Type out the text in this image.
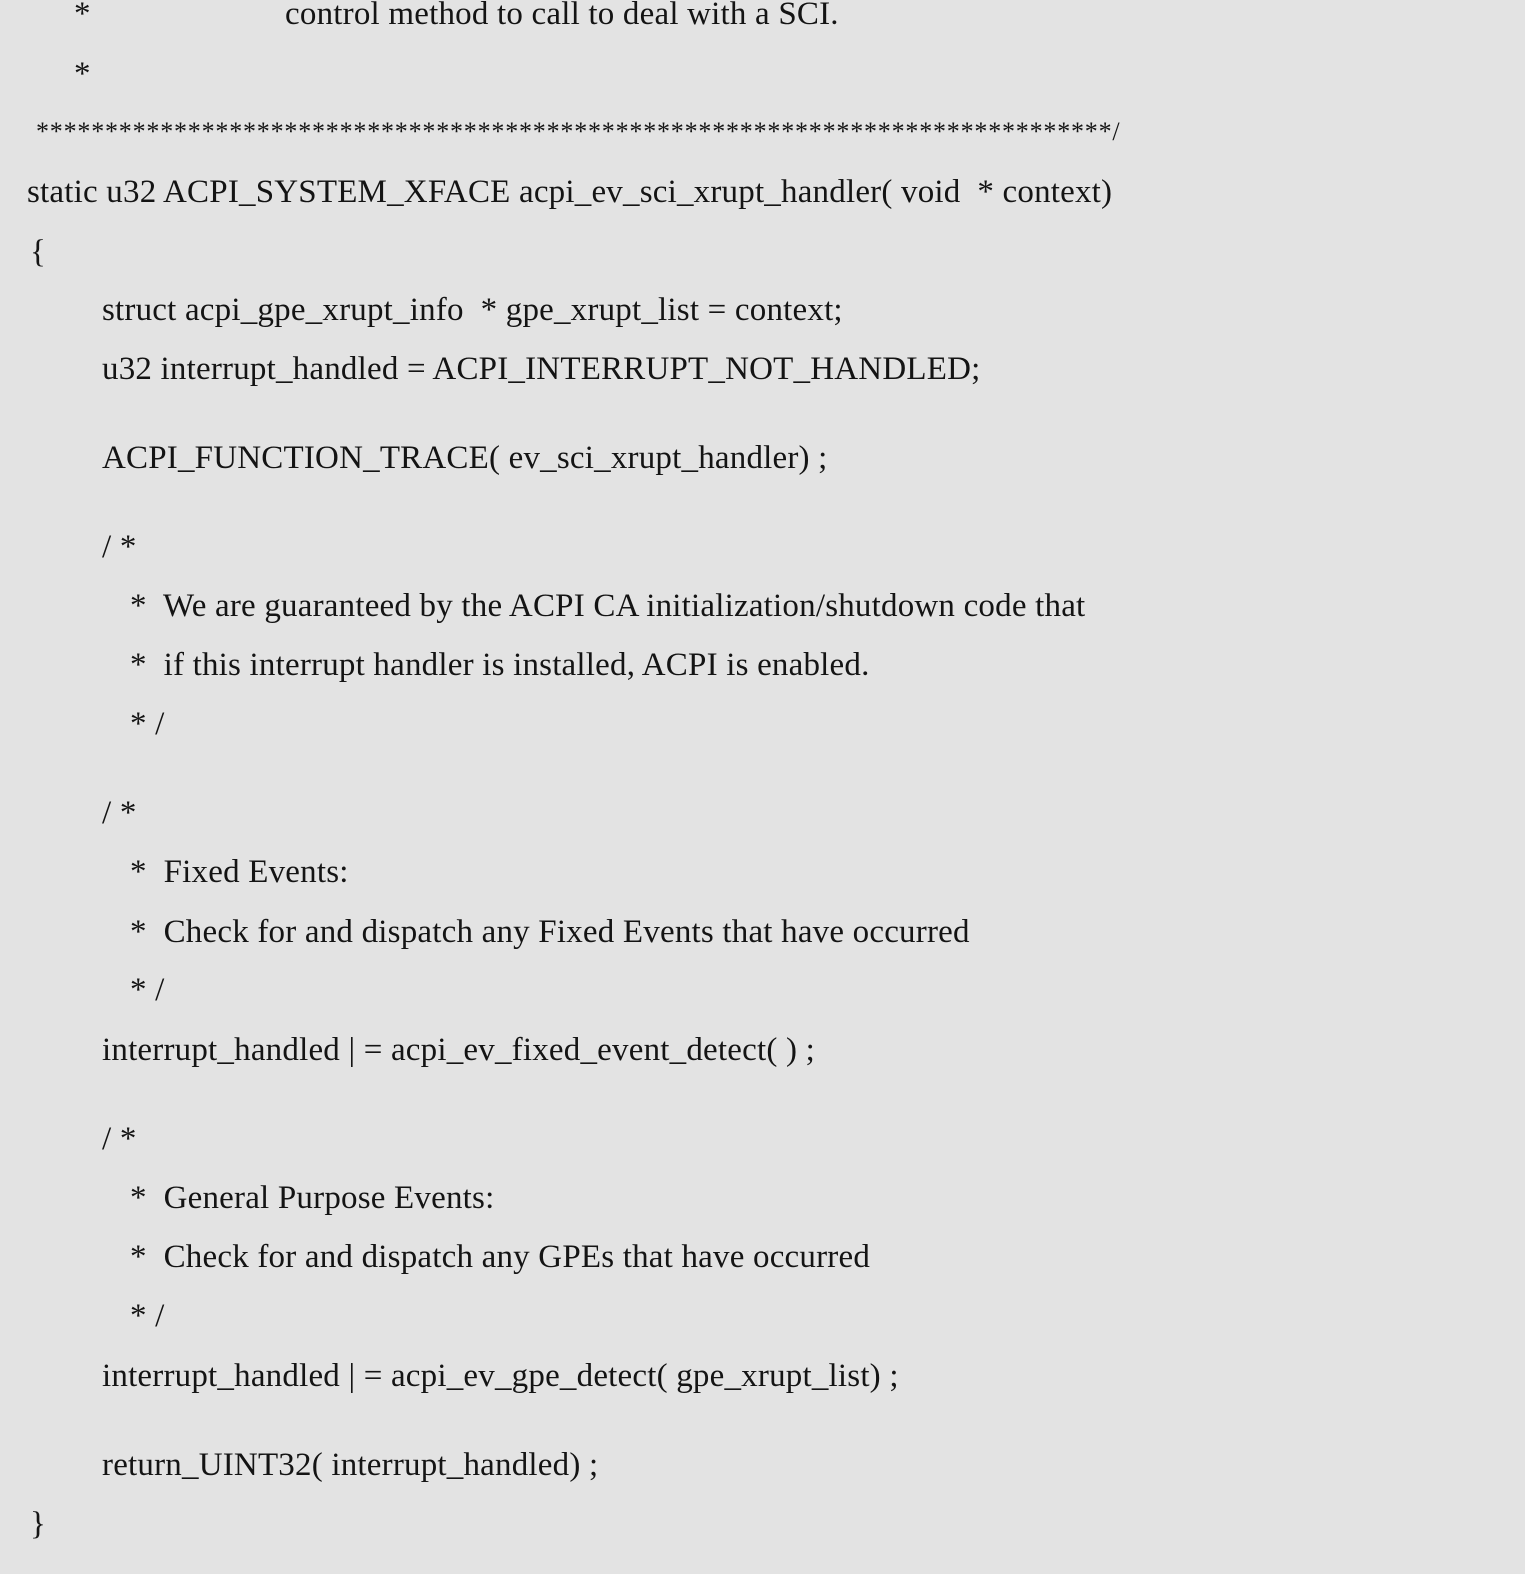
*                       control method to call to deal with a SCI.
*
******************************************************************************/
static u32 ACPI_SYSTEM_XFACE acpi_ev_sci_xrupt_handler( void  * context)
{
struct acpi_gpe_xrupt_info  * gpe_xrupt_list = context;
u32 interrupt_handled = ACPI_INTERRUPT_NOT_HANDLED;
ACPI_FUNCTION_TRACE( ev_sci_xrupt_handler) ;
/ *
*  We are guaranteed by the ACPI CA initialization/shutdown code that
*  if this interrupt handler is installed, ACPI is enabled.
* /
/ *
*  Fixed Events:
*  Check for and dispatch any Fixed Events that have occurred
* /
interrupt_handled | = acpi_ev_fixed_event_detect( ) ;
/ *
*  General Purpose Events:
*  Check for and dispatch any GPEs that have occurred
* /
interrupt_handled | = acpi_ev_gpe_detect( gpe_xrupt_list) ;
return_UINT32( interrupt_handled) ;
}
